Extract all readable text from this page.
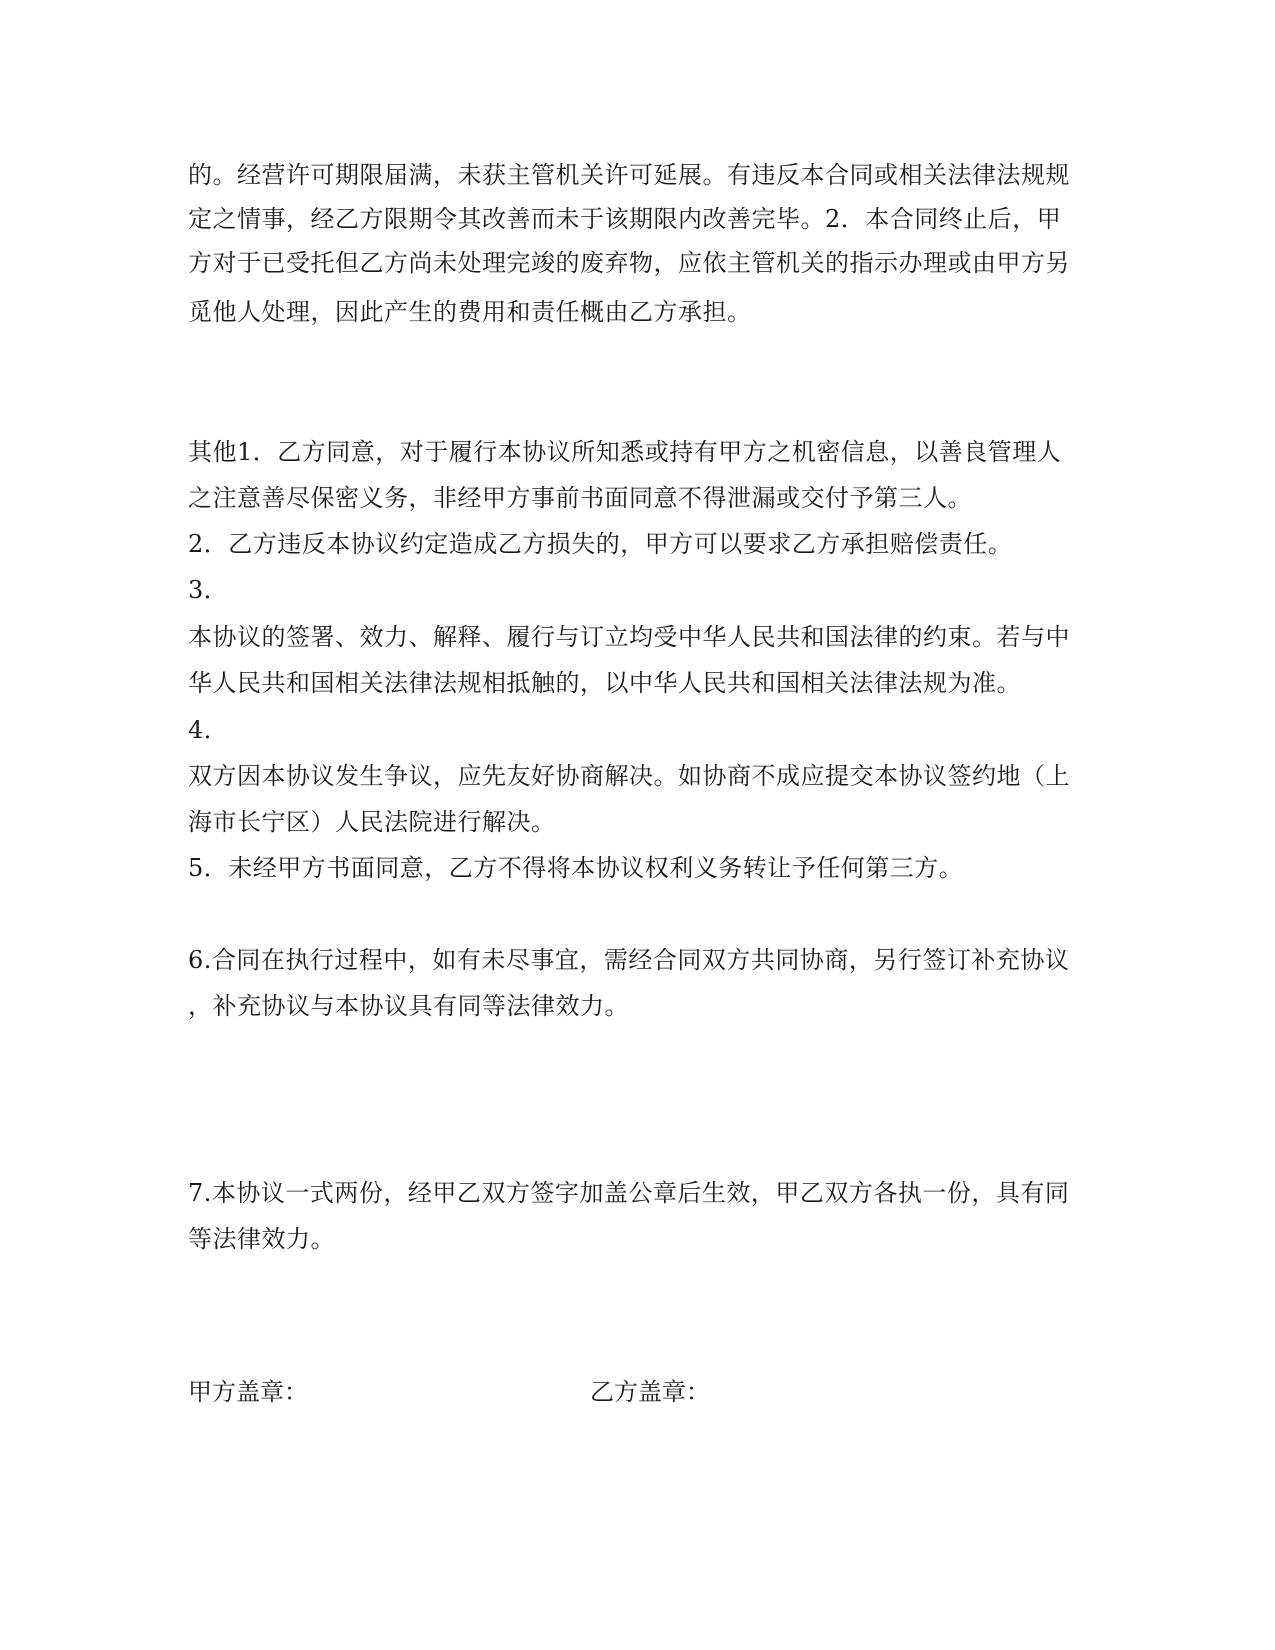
的。经营许可期限届满，未获主管机关许可延展。有违反本合同或相关法律法规规
定之情事，经乙方限期令其改善而未于该期限内改善完毕。2．本合同终止后，甲
方对于已受托但乙方尚未处理完竣的废弃物，应依主管机关的指示办理或由甲方另
觅他人处理，因此产生的费用和责任概由乙方承担。
其他1．乙方同意，对于履行本协议所知悉或持有甲方之机密信息，以善良管理人
之注意善尽保密义务，非经甲方事前书面同意不得泄漏或交付予第三人。
2．乙方违反本协议约定造成乙方损失的，甲方可以要求乙方承担赔偿责任。
3．
本协议的签署、效力、解释、履行与订立均受中华人民共和国法律的约束。若与中
华人民共和国相关法律法规相抵触的，以中华人民共和国相关法律法规为准。
4．
双方因本协议发生争议，应先友好协商解决。如协商不成应提交本协议签约地（上
海市长宁区）人民法院进行解决。
5．未经甲方书面同意，乙方不得将本协议权利义务转让予任何第三方。
6.合同在执行过程中，如有未尽事宜，需经合同双方共同协商，另行签订补充协议
，补充协议与本协议具有同等法律效力。
7.本协议一式两份，经甲乙双方签字加盖公章后生效，甲乙双方各执一份，具有同
等法律效力。
甲方盖章：	乙方盖章：
